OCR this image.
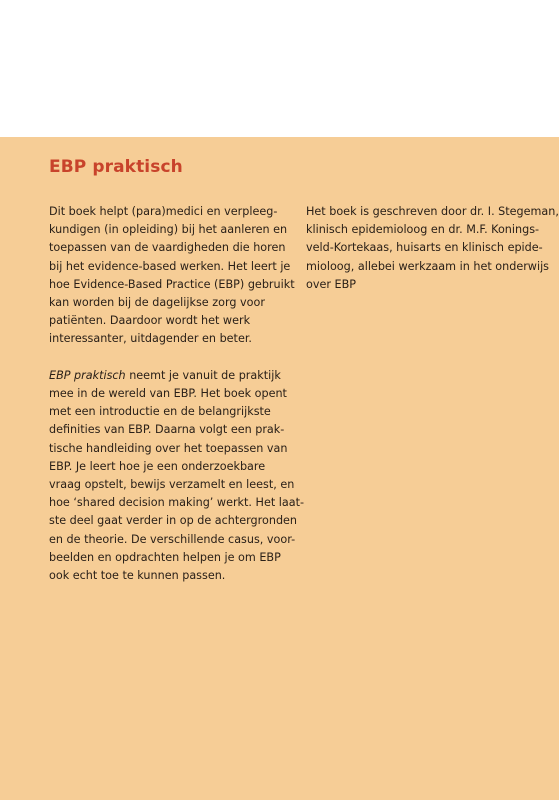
EBP praktisch

Dit boek helpt (para)medici en verpleeg-
kundigen (in opleiding) bij het aanleren en
toepassen van de vaardigheden die horen
bij het evidence-based werken. Het leert je
hoe Evidence-Based Practice (EBP) gebruikt
kan worden bij de dagelijkse zorg voor
patiënten. Daardoor wordt het werk
interessanter, uitdagender en beter.

EBP praktisch neemt je vanuit de praktijk
mee in de wereld van EBP. Het boek opent
met een introductie en de belangrijkste
definities van EBP. Daarna volgt een prak-
tische handleiding over het toepassen van
EBP. Je leert hoe je een onderzoekbare
vraag opstelt, bewijs verzamelt en leest, en
hoe ‘shared decision making’ werkt. Het laat-
ste deel gaat verder in op de achtergronden
en de theorie. De verschillende casus, voor-
beelden en opdrachten helpen je om EBP
ook echt toe te kunnen passen.

Het boek is geschreven door dr. I. Stegeman,
klinisch epidemioloog en dr. M.F. Konings-
veld-Kortekaas, huisarts en klinisch epide-
mioloog, allebei werkzaam in het onderwijs
over EBP
